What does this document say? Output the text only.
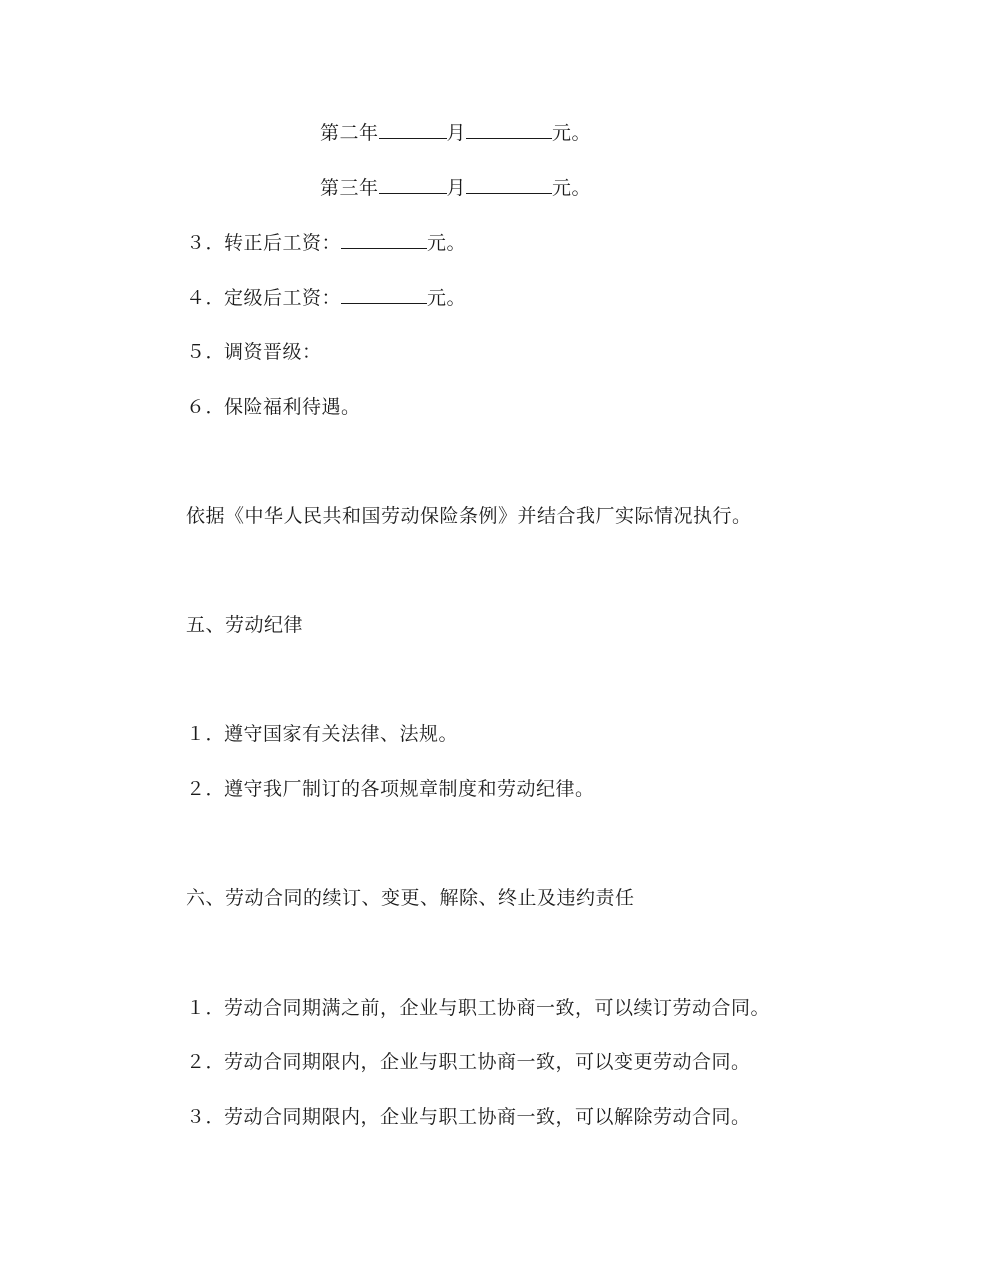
第二年	月	元。
第三年	月	元。
３．转正后工资：	元。
４．定级后工资：	元。
５．调资晋级：
６．保险福利待遇。
依据《中华人民共和国劳动保险条例》并结合我厂实际情况执行。
五、劳动纪律
１．遵守国家有关法律、法规。
２．遵守我厂制订的各项规章制度和劳动纪律。
六、劳动合同的续订、变更、解除、终止及违约责任
１．劳动合同期满之前，企业与职工协商一致，可以续订劳动合同。
２．劳动合同期限内，企业与职工协商一致，可以变更劳动合同。
３．劳动合同期限内，企业与职工协商一致，可以解除劳动合同。
